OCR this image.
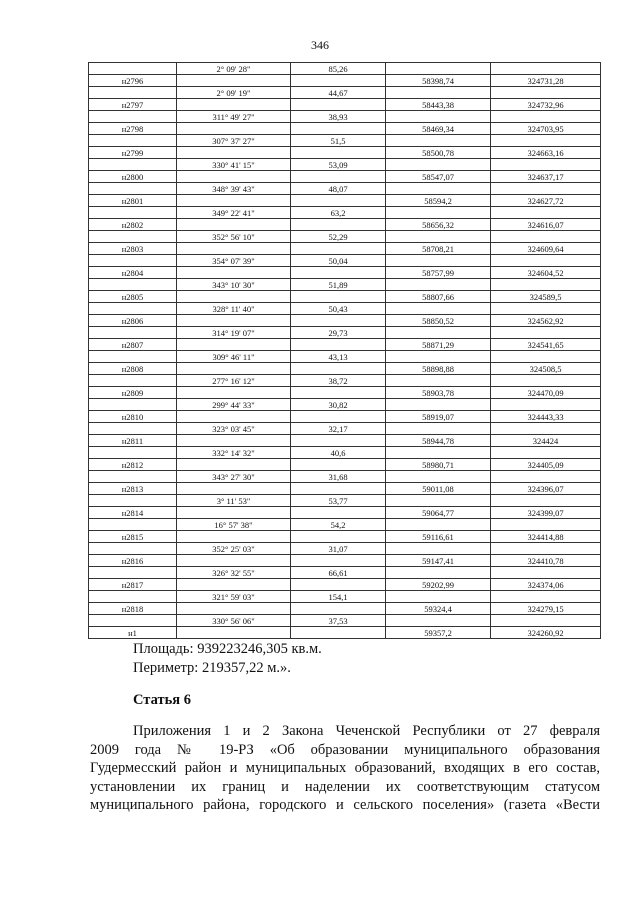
346
	2° 09' 28"	85,26		
н2796			58398,74	324731,28
	2° 09' 19"	44,67		
н2797			58443,38	324732,96
	311° 49' 27"	38,93		
н2798			58469,34	324703,95
	307° 37' 27"	51,5		
н2799			58500,78	324663,16
	330° 41' 15"	53,09		
н2800			58547,07	324637,17
	348° 39' 43"	48,07		
н2801			58594,2	324627,72
	349° 22' 41"	63,2		
н2802			58656,32	324616,07
	352° 56' 10"	52,29		
н2803			58708,21	324609,64
	354° 07' 39"	50,04		
н2804			58757,99	324604,52
	343° 10' 30"	51,89		
н2805			58807,66	324589,5
	328° 11' 40"	50,43		
н2806			58850,52	324562,92
	314° 19' 07"	29,73		
н2807			58871,29	324541,65
	309° 46' 11"	43,13		
н2808			58898,88	324508,5
	277° 16' 12"	38,72		
н2809			58903,78	324470,09
	299° 44' 33"	30,82		
н2810			58919,07	324443,33
	323° 03' 45"	32,17		
н2811			58944,78	324424
	332° 14' 32"	40,6		
н2812			58980,71	324405,09
	343° 27' 30"	31,68		
н2813			59011,08	324396,07
	3° 11' 53"	53,77		
н2814			59064,77	324399,07
	16° 57' 38"	54,2		
н2815			59116,61	324414,88
	352° 25' 03"	31,07		
н2816			59147,41	324410,78
	326° 32' 55"	66,61		
н2817			59202,99	324374,06
	321° 59' 03"	154,1		
н2818			59324,4	324279,15
	330° 56' 06"	37,53		
н1			59357,2	324260,92
Площадь: 939223246,305 кв.м.
Периметр: 219357,22 м.».
Статья 6
Приложения 1 и 2 Закона Чеченской Республики от 27 февраля
2009 года № 19-РЗ «Об образовании муниципального образования
Гудермесский район и муниципальных образований, входящих в его состав,
установлении их границ и наделении их соответствующим статусом
муниципального района, городского и сельского поселения» (газета «Вести
